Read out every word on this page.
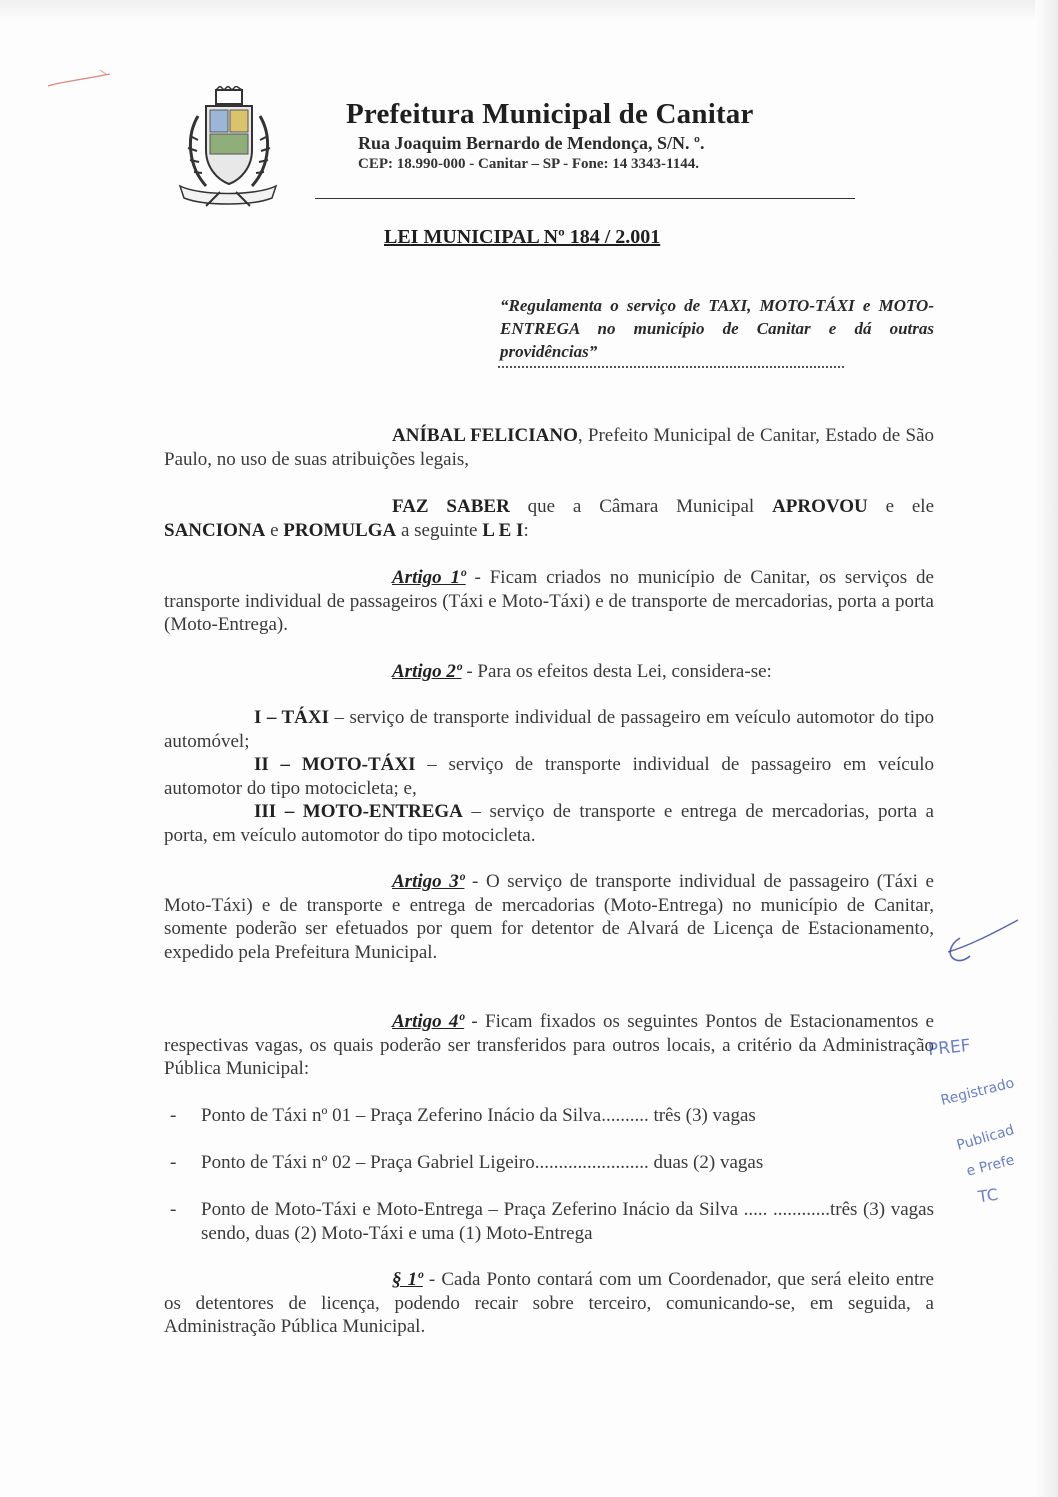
Prefeitura Municipal de Canitar
Rua Joaquim Bernardo de Mendonça, S/N. º.
CEP: 18.990-000 - Canitar – SP - Fone: 14 3343-1144.
LEI MUNICIPAL Nº 184 / 2.001
“Regulamenta o serviço de TAXI, MOTO-TÁXI e MOTO-ENTREGA no município de Canitar e dá outras providências”
ANÍBAL FELICIANO, Prefeito Municipal de Canitar, Estado de São Paulo, no uso de suas atribuições legais,
FAZ SABER que a Câmara Municipal APROVOU e ele SANCIONA e PROMULGA a seguinte L E I:
Artigo 1º - Ficam criados no município de Canitar, os serviços de transporte individual de passageiros (Táxi e Moto-Táxi) e de transporte de mercadorias, porta a porta (Moto-Entrega).
Artigo 2º - Para os efeitos desta Lei, considera-se:
I – TÁXI – serviço de transporte individual de passageiro em veículo automotor do tipo automóvel;
II – MOTO-TÁXI – serviço de transporte individual de passageiro em veículo automotor do tipo motocicleta; e,
III – MOTO-ENTREGA – serviço de transporte e entrega de mercadorias, porta a porta, em veículo automotor do tipo motocicleta.
Artigo 3º - O serviço de transporte individual de passageiro (Táxi e Moto-Táxi) e de transporte e entrega de mercadorias (Moto-Entrega) no município de Canitar, somente poderão ser efetuados por quem for detentor de Alvará de Licença de Estacionamento, expedido pela Prefeitura Municipal.
Artigo 4º - Ficam fixados os seguintes Pontos de Estacionamentos e respectivas vagas, os quais poderão ser transferidos para outros locais, a critério da Administração Pública Municipal:
- Ponto de Táxi nº 01 – Praça Zeferino Inácio da Silva.......... três (3) vagas
- Ponto de Táxi nº 02 – Praça Gabriel Ligeiro........................ duas (2) vagas
- Ponto de Moto-Táxi e Moto-Entrega – Praça Zeferino Inácio da Silva ..... ............três (3) vagas sendo, duas (2) Moto-Táxi e uma (1) Moto-Entrega
§ 1º - Cada Ponto contará com um Coordenador, que será eleito entre os detentores de licença, podendo recair sobre terceiro, comunicando-se, em seguida, a Administração Pública Municipal.
PREF
Registrado
Publicad
e Prefe
TC
